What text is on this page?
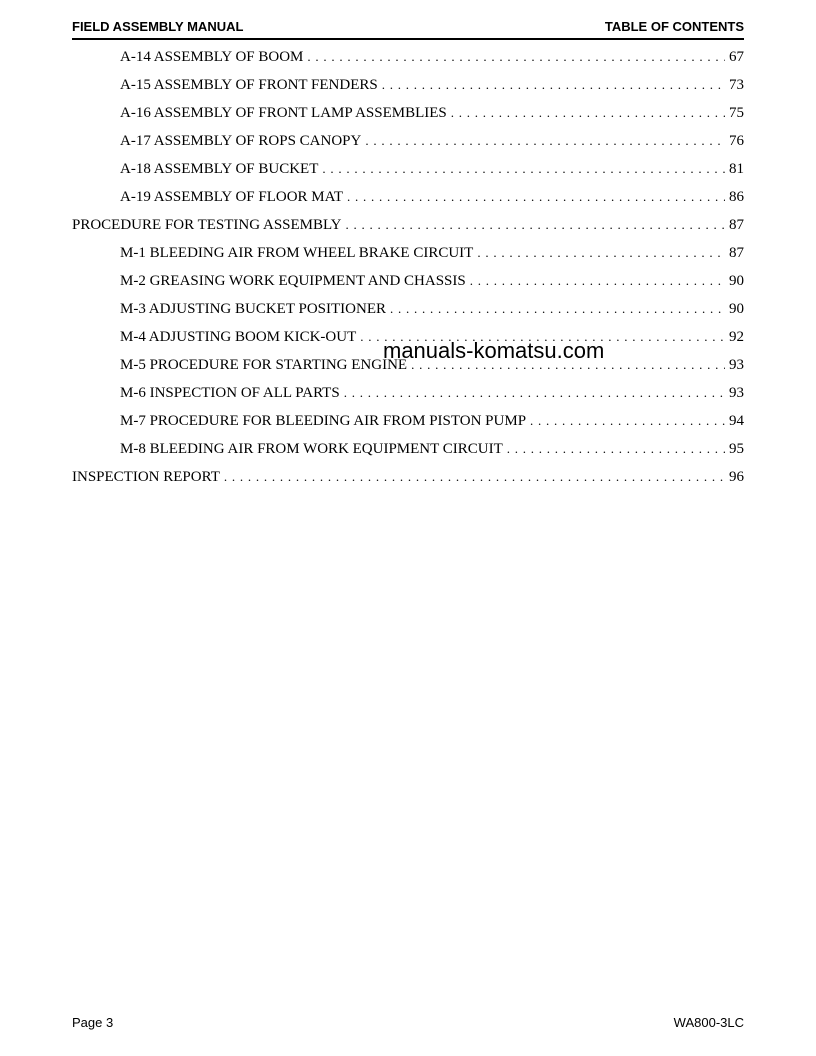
FIELD ASSEMBLY MANUAL	TABLE OF CONTENTS
A-14 ASSEMBLY OF BOOM . . .	67
A-15 ASSEMBLY OF FRONT FENDERS . . .	73
A-16 ASSEMBLY OF FRONT LAMP ASSEMBLIES . . .	75
A-17 ASSEMBLY OF ROPS CANOPY . . .	76
A-18 ASSEMBLY OF BUCKET . . .	81
A-19 ASSEMBLY OF FLOOR MAT . . .	86
PROCEDURE FOR TESTING ASSEMBLY . . .	87
M-1 BLEEDING AIR FROM WHEEL BRAKE CIRCUIT . . .	87
M-2 GREASING WORK EQUIPMENT AND CHASSIS . . .	90
M-3 ADJUSTING BUCKET POSITIONER . . .	90
M-4 ADJUSTING BOOM KICK-OUT . . .	92
M-5 PROCEDURE FOR STARTING ENGINE . . .	93
M-6 INSPECTION OF ALL PARTS . . .	93
M-7 PROCEDURE FOR BLEEDING AIR FROM PISTON PUMP . . .	94
M-8 BLEEDING AIR FROM WORK EQUIPMENT CIRCUIT . . .	95
INSPECTION REPORT . . .	96
manuals-komatsu.com
Page 3	WA800-3LC
